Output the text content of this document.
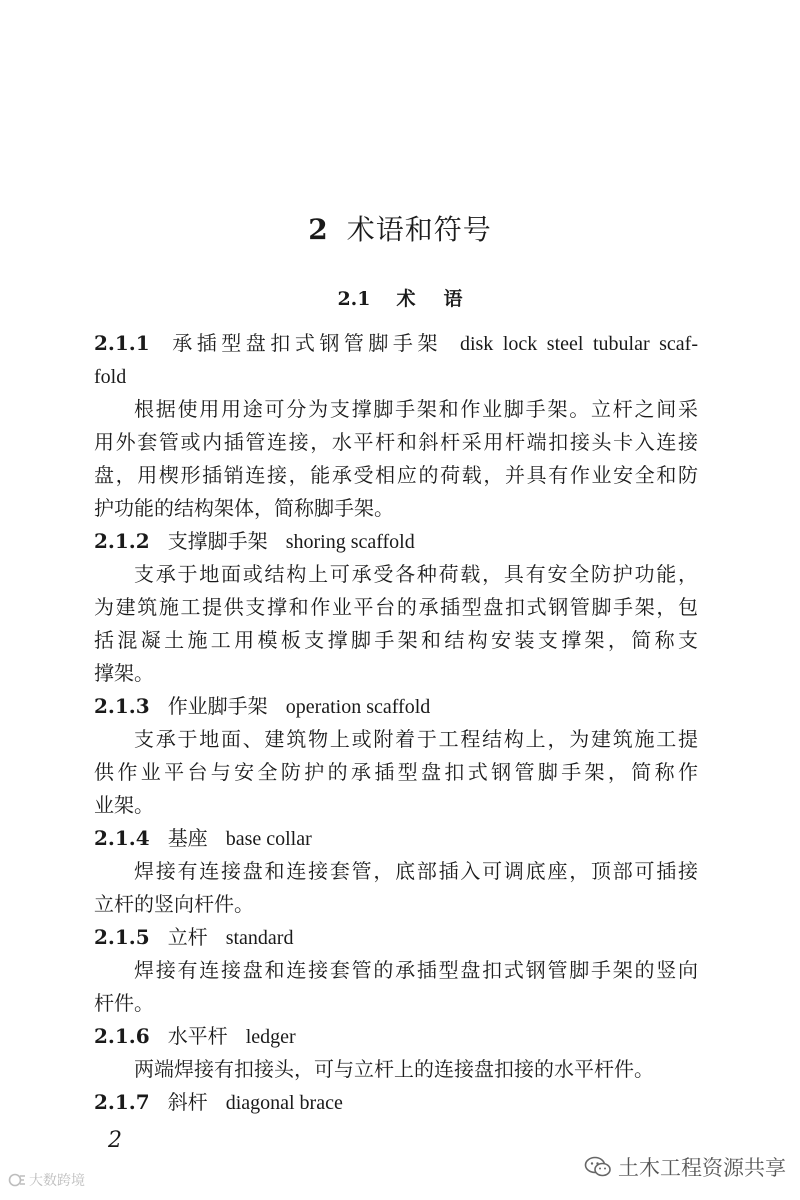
2 术语和符号
2.1 术语
2.1.1 承插型盘扣式钢管脚手架 disk lock steel tubular scaf-
fold
根据使用用途可分为支撑脚手架和作业脚手架。立杆之间采
用外套管或内插管连接，水平杆和斜杆采用杆端扣接头卡入连接
盘，用楔形插销连接，能承受相应的荷载，并具有作业安全和防
护功能的结构架体，简称脚手架。
2.1.2 支撑脚手架 shoring scaffold
支承于地面或结构上可承受各种荷载，具有安全防护功能，
为建筑施工提供支撑和作业平台的承插型盘扣式钢管脚手架，包
括混凝土施工用模板支撑脚手架和结构安装支撑架，简称支
撑架。
2.1.3 作业脚手架 operation scaffold
支承于地面、建筑物上或附着于工程结构上，为建筑施工提
供作业平台与安全防护的承插型盘扣式钢管脚手架，简称作
业架。
2.1.4 基座 base collar
焊接有连接盘和连接套管，底部插入可调底座，顶部可插接
立杆的竖向杆件。
2.1.5 立杆 standard
焊接有连接盘和连接套管的承插型盘扣式钢管脚手架的竖向
杆件。
2.1.6 水平杆 ledger
两端焊接有扣接头，可与立杆上的连接盘扣接的水平杆件。
2.1.7 斜杆 diagonal brace
2
大数跨境
土木工程资源共享
